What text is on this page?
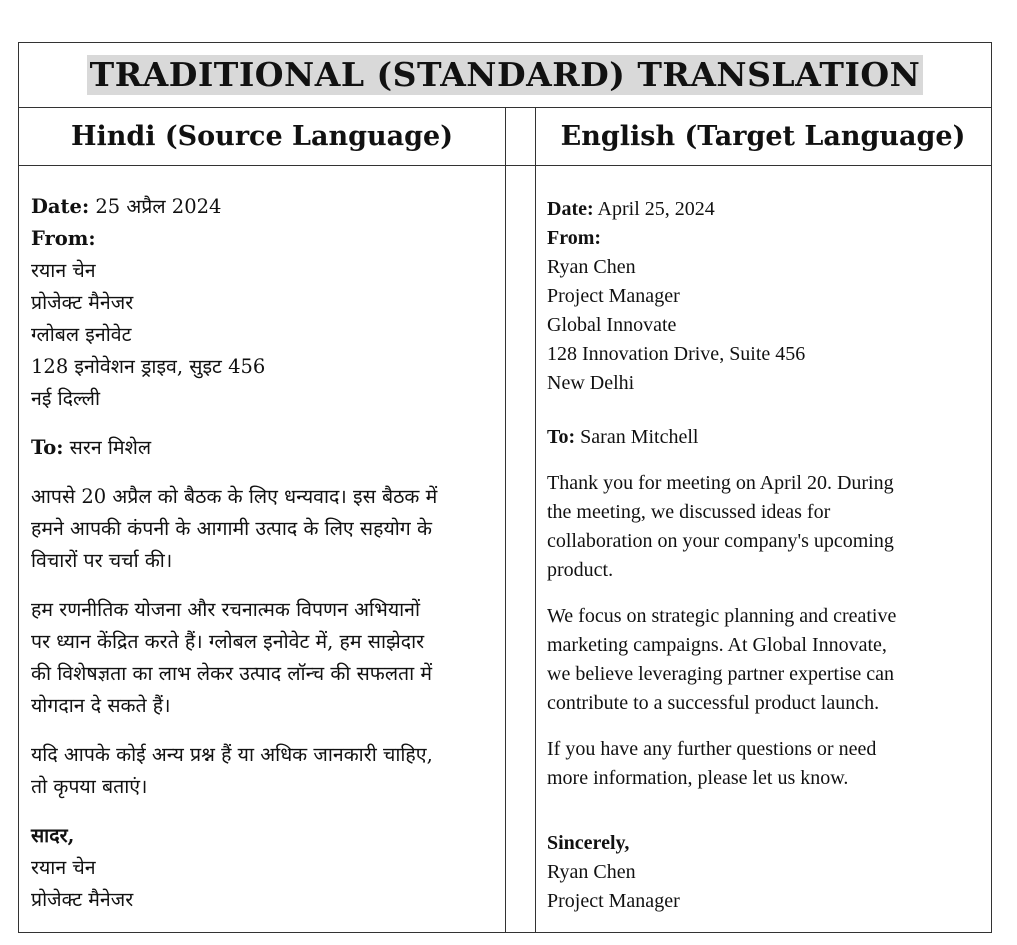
TRADITIONAL (STANDARD) TRANSLATION
Hindi (Source Language)	English (Target Language)

Date: 25 अप्रैल 2024

From:

रयान चेन

प्रोजेक्ट मैनेजर

ग्लोबल इनोवेट

128 इनोवेशन ड्राइव, सुइट 456

नई दिल्ली

To: सरन मिशेल

आपसे 20 अप्रैल को बैठक के लिए धन्यवाद। इस बैठक में

हमने आपकी कंपनी के आगामी उत्पाद के लिए सहयोग के

विचारों पर चर्चा की।

हम रणनीतिक योजना और रचनात्मक विपणन अभियानों

पर ध्यान केंद्रित करते हैं। ग्लोबल इनोवेट में, हम साझेदार

की विशेषज्ञता का लाभ लेकर उत्पाद लॉन्च की सफलता में

योगदान दे सकते हैं।

यदि आपके कोई अन्य प्रश्न हैं या अधिक जानकारी चाहिए,

तो कृपया बताएं।

सादर,

रयान चेन

प्रोजेक्ट मैनेजर

Date: April 25, 2024

From:

Ryan Chen

Project Manager

Global Innovate

128 Innovation Drive, Suite 456

New Delhi

To: Saran Mitchell

Thank you for meeting on April 20. During

the meeting, we discussed ideas for

collaboration on your company's upcoming

product.

We focus on strategic planning and creative

marketing campaigns. At Global Innovate,

we believe leveraging partner expertise can

contribute to a successful product launch.

If you have any further questions or need

more information, please let us know.

Sincerely,

Ryan Chen

Project Manager
